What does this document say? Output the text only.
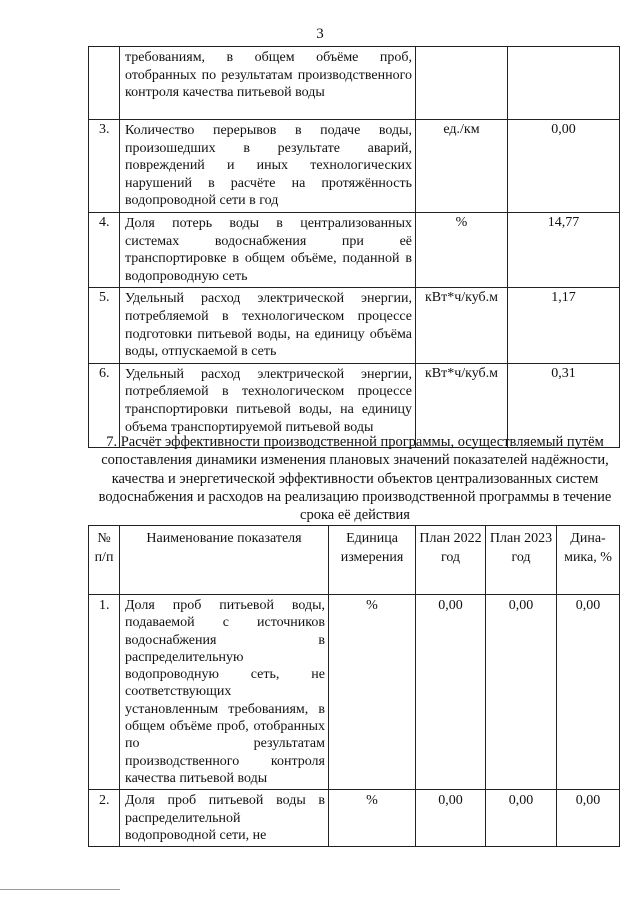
3
	требованиям, в общем объёме проб, отобранных по результатам производственного контроля качества питьевой воды		
3.	Количество перерывов в подаче воды, произошедших в результате аварий, повреждений и иных технологических нарушений в расчёте на протяжённость водопроводной сети в год	ед./км	0,00
4.	Доля потерь воды в централизованных системах водоснабжения при её транспортировке в общем объёме, поданной в водопроводную сеть	%	14,77
5.	Удельный расход электрической энергии, потребляемой в технологическом процессе подготовки питьевой воды, на единицу объёма воды, отпускаемой в сеть	кВт*ч/куб.м	1,17
6.	Удельный расход электрической энергии, потребляемой в технологическом процессе транспортировки питьевой воды, на единицу объема транспортируемой питьевой воды	кВт*ч/куб.м	0,31
7. Расчёт эффективности производственной программы, осуществляемый путём сопоставления динамики изменения плановых значений показателей надёжности, качества и энергетической эффективности объектов централизованных систем водоснабжения и расходов на реализацию производственной программы в течение срока её действия
№ п/п	Наименование показателя	Единица измерения	План 2022 год	План 2023 год	Дина-мика, %
1.	Доля проб питьевой воды, подаваемой с источников водоснабжения в распределительную водопроводную сеть, не соответствующих установленным требованиям, в общем объёме проб, отобранных по результатам производственного контроля качества питьевой воды	%	0,00	0,00	0,00
2.	Доля проб питьевой воды в распределительной водопроводной сети, не	%	0,00	0,00	0,00
